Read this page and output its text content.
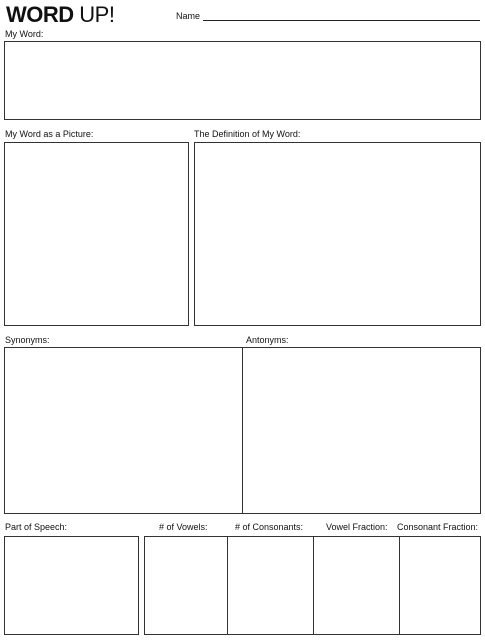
WORD UP!	Name
My Word:
My Word as a Picture:	The Definition of My Word:
Synonyms:	Antonyms:
Part of Speech:	# of Vowels:	# of Consonants:	Vowel Fraction: Consonant Fraction:
